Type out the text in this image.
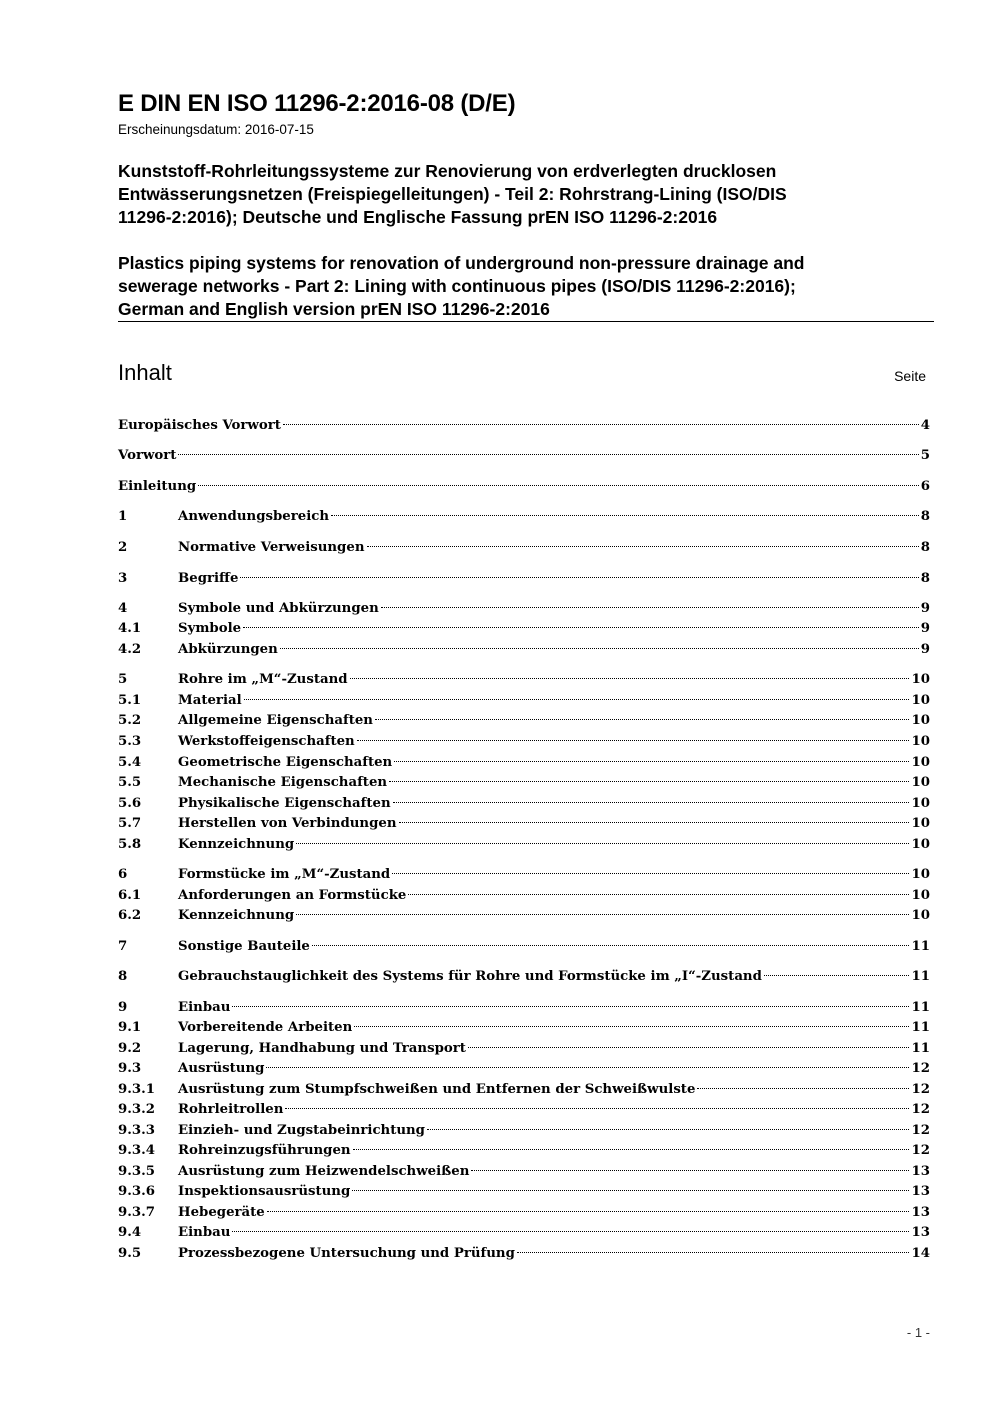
E DIN EN ISO 11296-2:2016-08 (D/E)
Erscheinungsdatum: 2016-07-15
Kunststoff-Rohrleitungssysteme zur Renovierung von erdverlegten drucklosen
Entwässerungsnetzen (Freispiegelleitungen) - Teil 2: Rohrstrang-Lining (ISO/DIS
11296-2:2016); Deutsche und Englische Fassung prEN ISO 11296-2:2016
Plastics piping systems for renovation of underground non-pressure drainage and
sewerage networks - Part 2: Lining with continuous pipes (ISO/DIS 11296-2:2016);
German and English version prEN ISO 11296-2:2016
Inhalt	Seite
Europäisches Vorwort	4
Vorwort	5
Einleitung	6
1	Anwendungsbereich	8
2	Normative Verweisungen	8
3	Begriffe	8
4	Symbole und Abkürzungen	9
4.1	Symbole	9
4.2	Abkürzungen	9
5	Rohre im „M“-Zustand	10
5.1	Material	10
5.2	Allgemeine Eigenschaften	10
5.3	Werkstoffeigenschaften	10
5.4	Geometrische Eigenschaften	10
5.5	Mechanische Eigenschaften	10
5.6	Physikalische Eigenschaften	10
5.7	Herstellen von Verbindungen	10
5.8	Kennzeichnung	10
6	Formstücke im „M“-Zustand	10
6.1	Anforderungen an Formstücke	10
6.2	Kennzeichnung	10
7	Sonstige Bauteile	11
8	Gebrauchstauglichkeit des Systems für Rohre und Formstücke im „I“-Zustand	11
9	Einbau	11
9.1	Vorbereitende Arbeiten	11
9.2	Lagerung, Handhabung und Transport	11
9.3	Ausrüstung	12
9.3.1	Ausrüstung zum Stumpfschweißen und Entfernen der Schweißwulste	12
9.3.2	Rohrleitrollen	12
9.3.3	Einzieh- und Zugstabeinrichtung	12
9.3.4	Rohreinzugsführungen	12
9.3.5	Ausrüstung zum Heizwendelschweißen	13
9.3.6	Inspektionsausrüstung	13
9.3.7	Hebegeräte	13
9.4	Einbau	13
9.5	Prozessbezogene Untersuchung und Prüfung	14
- 1 -
